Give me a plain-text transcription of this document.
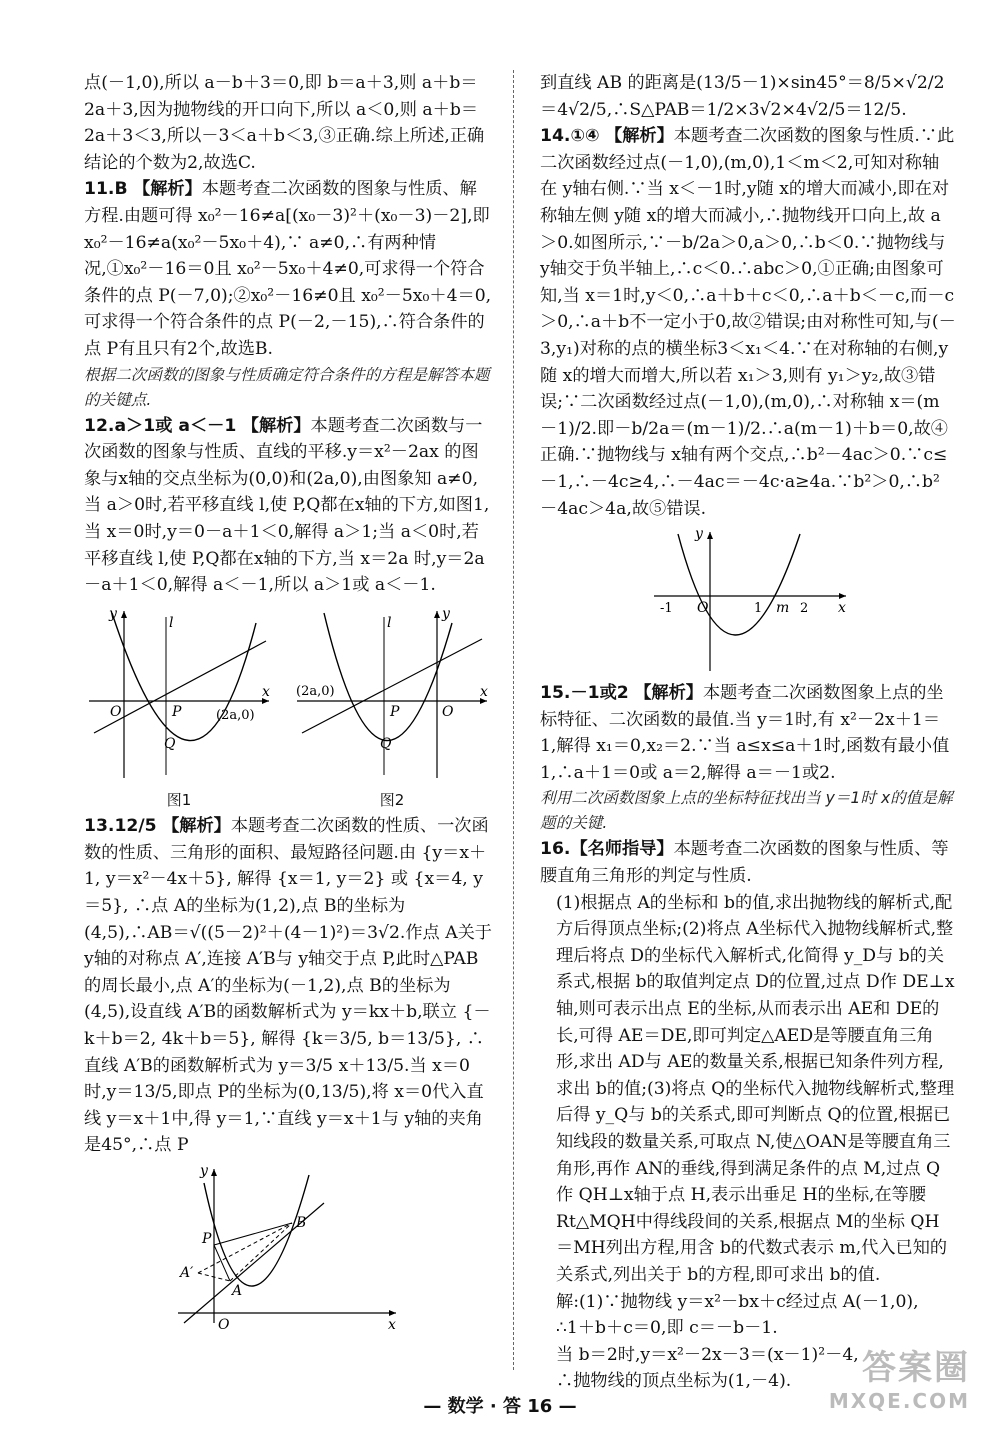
点(－1,0),所以 a－b＋3＝0,即 b＝a＋3,则 a＋b＝2a＋3,因为抛物线的开口向下,所以 a＜0,则 a＋b＝2a＋3＜3,所以－3＜a＋b＜3,③正确.综上所述,正确结论的个数为2,故选C.

11.B 【解析】本题考查二次函数的图象与性质、解方程.由题可得 x₀²－16≠a[(x₀－3)²＋(x₀－3)－2],即 x₀²－16≠a(x₀²－5x₀＋4),∵ a≠0,∴有两种情况,①x₀²－16＝0且 x₀²－5x₀＋4≠0,可求得一个符合条件的点 P(－7,0);②x₀²－16≠0且 x₀²－5x₀＋4＝0,可求得一个符合条件的点 P(－2,－15),∴符合条件的点 P有且只有2个,故选B.

根据二次函数的图象与性质确定符合条件的方程是解答本题的关键点.

12.a＞1或 a＜－1 【解析】本题考查二次函数与一次函数的图象与性质、直线的平移.y＝x²－2ax 的图象与x轴的交点坐标为(0,0)和(2a,0),由图象知 a≠0,当 a＞0时,若平移直线 l,使 P,Q都在x轴的下方,如图1,当 x＝0时,y＝0－a＋1＜0,解得 a＞1;当 a＜0时,若平移直线 l,使 P,Q都在x轴的下方,当 x＝2a 时,y＝2a－a＋1＜0,解得 a＜－1,所以 a＞1或 a＜－1.
y
x
l
O	P
Q
(2a,0)
图1
y
x
l
O
P
Q
(2a,0)
图2
13.12/5 【解析】本题考查二次函数的性质、一次函数的性质、三角形的面积、最短路径问题.由 {y＝x＋1, y＝x²－4x＋5}, 解得 {x＝1, y＝2} 或 {x＝4, y＝5}, ∴点 A的坐标为(1,2),点 B的坐标为(4,5),∴AB＝√((5－2)²＋(4－1)²)＝3√2.作点 A关于 y轴的对称点 A′,连接 A′B与 y轴交于点 P,此时△PAB的周长最小,点 A′的坐标为(－1,2),点 B的坐标为(4,5),设直线 A′B的函数解析式为 y＝kx＋b,联立 {－k＋b＝2, 4k＋b＝5}, 解得 {k＝3/5, b＝13/5}, ∴直线 A′B的函数解析式为 y＝3/5 x＋13/5.当 x＝0时,y＝13/5,即点 P的坐标为(0,13/5),将 x＝0代入直线 y＝x＋1中,得 y＝1,∵直线 y＝x＋1与 y轴的夹角是45°,∴点 P
y
x
O
P
A
A′
B

到直线 AB 的距离是(13/5－1)×sin45°＝8/5×√2/2＝4√2/5,∴S△PAB＝1/2×3√2×4√2/5＝12/5.

14.①④ 【解析】本题考查二次函数的图象与性质.∵此二次函数经过点(－1,0),(m,0),1＜m＜2,可知对称轴在 y轴右侧.∵当 x＜－1时,y随 x的增大而减小,即在对称轴左侧 y随 x的增大而减小,∴抛物线开口向上,故 a＞0.如图所示,∵－b/2a＞0,a＞0,∴b＜0.∵抛物线与 y轴交于负半轴上,∴c＜0.∴abc＞0,①正确;由图象可知,当 x＝1时,y＜0,∴a＋b＋c＜0,∴a＋b＜－c,而－c＞0,∴a＋b不一定小于0,故②错误;由对称性可知,与(－3,y₁)对称的点的横坐标3＜x₁＜4.∵在对称轴的右侧,y随 x的增大而增大,所以若 x₁＞3,则有 y₁＞y₂,故③错误;∵二次函数经过点(－1,0),(m,0),∴对称轴 x＝(m－1)/2.即－b/2a＝(m－1)/2.∴a(m－1)＋b＝0,故④正确.∵抛物线与 x轴有两个交点,∴b²－4ac＞0.∵c≤－1,∴－4c≥4,∴－4ac＝－4c·a≥4a.∵b²＞0,∴b²－4ac＞4a,故⑤错误.
y
x
-1 O	1 m 2
15.－1或2 【解析】本题考查二次函数图象上点的坐标特征、二次函数的最值.当 y＝1时,有 x²－2x＋1＝1,解得 x₁＝0,x₂＝2.∵当 a≤x≤a＋1时,函数有最小值1,∴a＋1＝0或 a＝2,解得 a＝－1或2.

利用二次函数图象上点的坐标特征找出当 y＝1时 x的值是解题的关键.

16.【名师指导】本题考查二次函数的图象与性质、等腰直角三角形的判定与性质.

(1)根据点 A的坐标和 b的值,求出抛物线的解析式,配方后得顶点坐标;(2)将点 A坐标代入抛物线解析式,整理后将点 D的坐标代入解析式,化简得 y_D与 b的关系式,根据 b的取值判定点 D的位置,过点 D作 DE⊥x轴,则可表示出点 E的坐标,从而表示出 AE和 DE的长,可得 AE＝DE,即可判定△AED是等腰直角三角形,求出 AD与 AE的数量关系,根据已知条件列方程,求出 b的值;(3)将点 Q的坐标代入抛物线解析式,整理后得 y_Q与 b的关系式,即可判断点 Q的位置,根据已知线段的数量关系,可取点 N,使△OAN是等腰直角三角形,再作 AN的垂线,得到满足条件的点 M,过点 Q作 QH⊥x轴于点 H,表示出垂足 H的坐标,在等腰 Rt△MQH中得线段间的关系,根据点 M的坐标 QH＝MH列出方程,用含 b的代数式表示 m,代入已知的关系式,列出关于 b的方程,即可求出 b的值.

解:(1)∵抛物线 y＝x²－bx＋c经过点 A(－1,0),

∴1＋b＋c＝0,即 c＝－b－1.

当 b＝2时,y＝x²－2x－3＝(x－1)²－4,

∴抛物线的顶点坐标为(1,－4).

— 数学 · 答 16 —
答案圈
MXQE.COM
